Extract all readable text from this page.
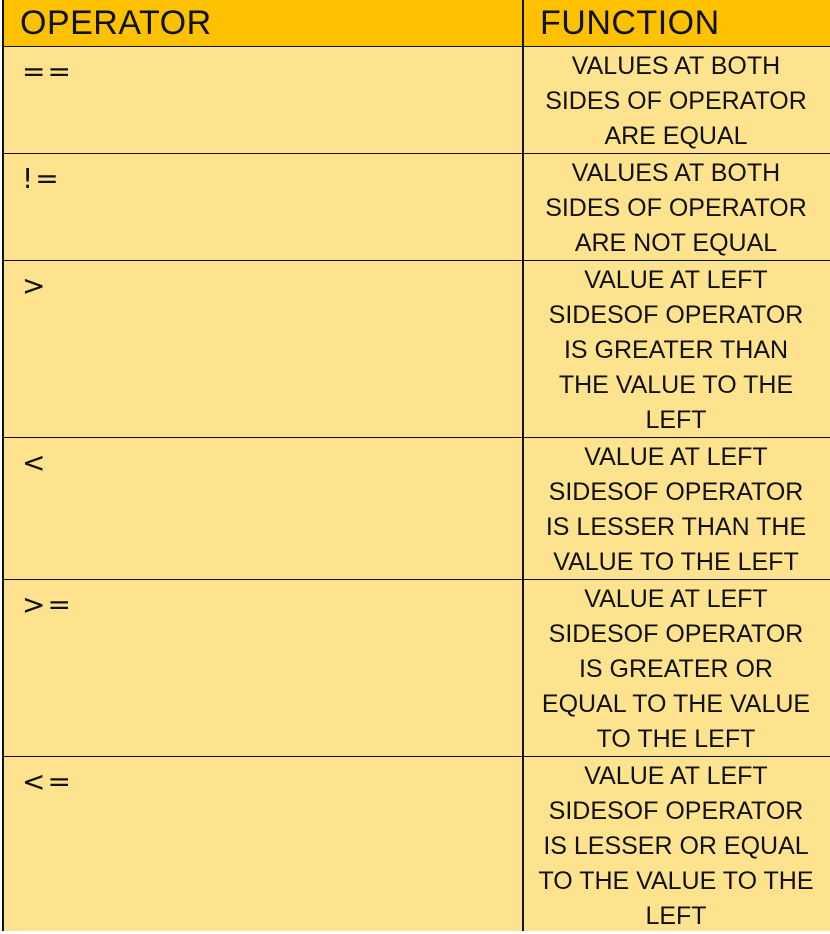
OPERATOR	FUNCTION
==	VALUES AT BOTH
SIDES OF OPERATOR
ARE EQUAL
!=	VALUES AT BOTH
SIDES OF OPERATOR
ARE NOT EQUAL
>	VALUE AT LEFT
SIDESOF OPERATOR
IS GREATER THAN
THE VALUE TO THE
LEFT
<	VALUE AT LEFT
SIDESOF OPERATOR
IS LESSER THAN THE
VALUE TO THE LEFT
>=	VALUE AT LEFT
SIDESOF OPERATOR
IS GREATER OR
EQUAL TO THE VALUE
TO THE LEFT
<=	VALUE AT LEFT
SIDESOF OPERATOR
IS LESSER OR EQUAL
TO THE VALUE TO THE
LEFT
